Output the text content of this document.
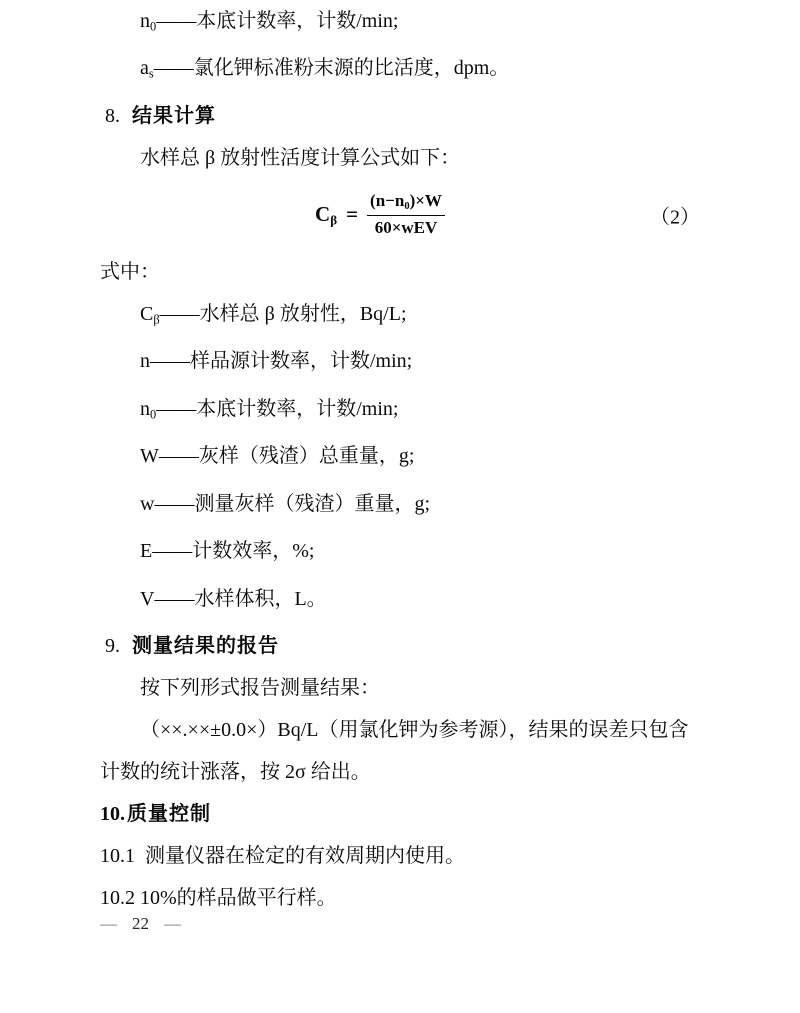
n0——本底计数率，计数/min;

as——氯化钾标准粉末源的比活度，dpm。

8. 结果计算

水样总 β 放射性活度计算公式如下：

$C\beta = \frac{(n-n0)\times W}{\text{60×wEV}}$	（2）

式中：

Cβ——水样总 β 放射性，Bq/L;

n——样品源计数率，计数/min;

n0——本底计数率，计数/min;

W——灰样（残渣）总重量，g;

w——测量灰样（残渣）重量，g;

E——计数效率，%;

V——水样体积，L。

9. 测量结果的报告

按下列形式报告测量结果：

（××.××±0.0×）Bq/L（用氯化钾为参考源），结果的误差只包含

计数的统计涨落，按 2σ 给出。

10. 质量控制

10.1 测量仪器在检定的有效周期内使用。

10.2 10%的样品做平行样。

— 22 —
